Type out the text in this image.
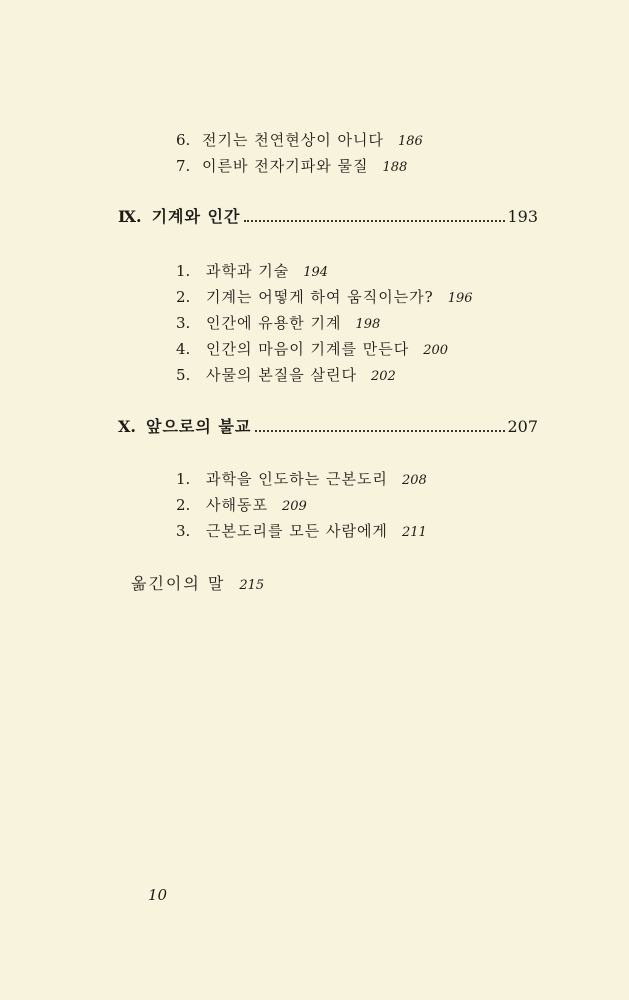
6. 전기는 천연현상이 아니다 186
7. 이른바 전자기파와 물질 188
Ⅸ. 기계와 인간	193
1. 과학과 기술 194
2. 기계는 어떻게 하여 움직이는가? 196
3. 인간에 유용한 기계 198
4. 인간의 마음이 기계를 만든다 200
5. 사물의 본질을 살린다 202
Ⅹ. 앞으로의 불교	207
1. 과학을 인도하는 근본도리 208
2. 사해동포 209
3. 근본도리를 모든 사람에게 211
옮긴이의 말 215
10
